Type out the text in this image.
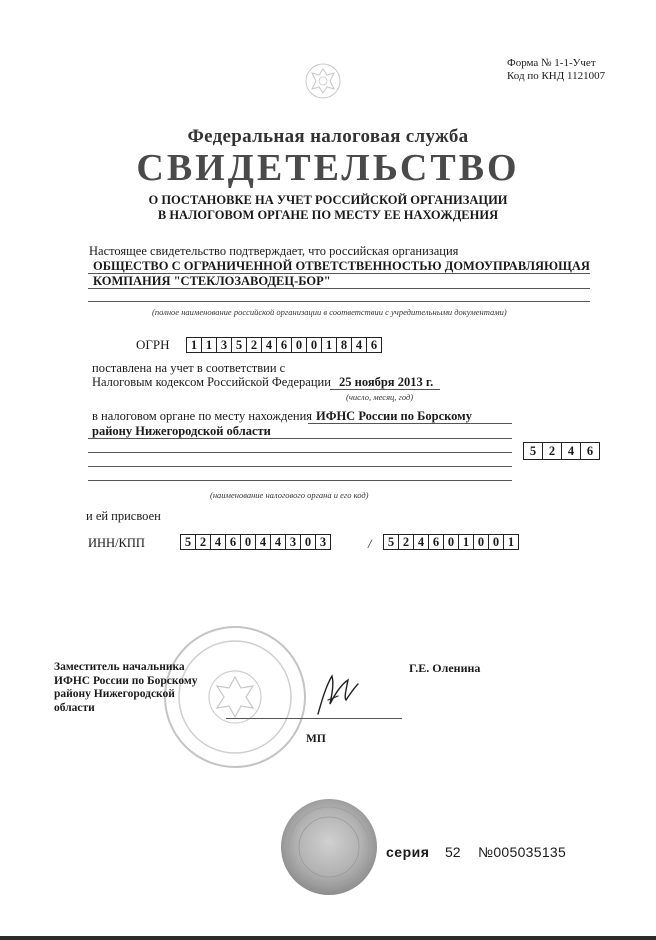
Форма № 1-1-Учет
Код по КНД 1121007
Федеральная налоговая служба
СВИДЕТЕЛЬСТВО
О ПОСТАНОВКЕ НА УЧЕТ РОССИЙСКОЙ ОРГАНИЗАЦИИ
В НАЛОГОВОМ ОРГАНЕ ПО МЕСТУ ЕЕ НАХОЖДЕНИЯ
Настоящее свидетельство подтверждает, что российская организация
ОБЩЕСТВО С ОГРАНИЧЕННОЙ ОТВЕТСТВЕННОСТЬЮ ДОМОУПРАВЛЯЮЩАЯ
КОМПАНИЯ "СТЕКЛОЗАВОДЕЦ-БОР"
(полное наименование российской организации в соответствии с учредительными документами)
ОГРН	1 1 3 5 2 4 6 0 0 1 8 4 6
поставлена на учет в соответствии с
Налоговым кодексом Российской Федерации 25 ноября 2013 г.
(число, месяц, год)
в налоговом органе по месту нахождения ИФНС России по Борскому
району Нижегородской области
5	2	4	6
(наименование налогового органа и его код)
и ей присвоен
ИНН/КПП	5 2 4 6 0 4 4 3 0 3	/	5 2 4 6 0 1 0 0 1
Заместитель начальника
ИФНС России по Борскому
району Нижегородской
области
Г.Е. Оленина
МП
серия 52 №005035135
